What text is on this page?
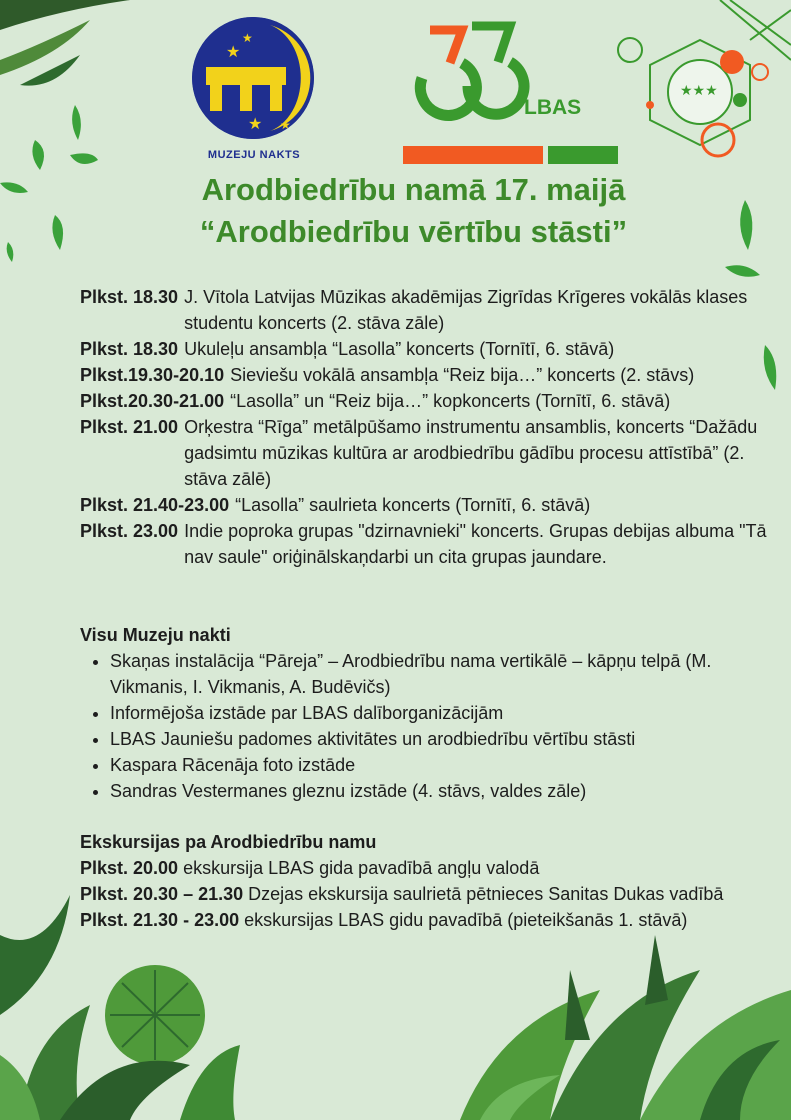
★
★
★ ★
MUZEJU NAKTS
LBAS
★★★
Arodbiedrību namā 17. maijā
“Arodbiedrību vērtību stāsti”
Plkst. 18.30 J. Vītola Latvijas Mūzikas akadēmijas Zigrīdas Krīgeres vokālās klases studentu koncerts (2. stāva zāle)
Plkst. 18.30 Ukuleļu ansambļa “Lasolla” koncerts (Tornītī, 6. stāvā)
Plkst.19.30-20.10 Sieviešu vokālā ansambļa “Reiz bija…” koncerts (2. stāvs)
Plkst.20.30-21.00 “Lasolla” un “Reiz bija…” kopkoncerts (Tornītī, 6. stāvā)
Plkst. 21.00 Orķestra “Rīga” metālpūšamo instrumentu ansamblis, koncerts “Dažādu gadsimtu mūzikas kultūra ar arodbiedrību gādību procesu attīstībā” (2. stāva zālē)
Plkst. 21.40-23.00 “Lasolla” saulrieta koncerts (Tornītī, 6. stāvā)
Plkst. 23.00 Indie poproka grupas "dzirnavnieki" koncerts. Grupas debijas albuma "Tā nav saule" oriģinālskaņdarbi un cita grupas jaundare.
Visu Muzeju nakti
• Skaņas instalācija “Pāreja” – Arodbiedrību nama vertikālē – kāpņu telpā (M. Vikmanis, I. Vikmanis, A. Budēvičs)
• Informējoša izstāde par LBAS dalīborganizācijām
• LBAS Jauniešu padomes aktivitātes un arodbiedrību vērtību stāsti
• Kaspara Rācenāja foto izstāde
• Sandras Vestermanes gleznu izstāde (4. stāvs, valdes zāle)
Ekskursijas pa Arodbiedrību namu
Plkst. 20.00 ekskursija LBAS gida pavadībā angļu valodā
Plkst. 20.30 – 21.30 Dzejas ekskursija saulrietā pētnieces Sanitas Dukas vadībā
Plkst. 21.30 - 23.00 ekskursijas LBAS gidu pavadībā (pieteikšanās 1. stāvā)
